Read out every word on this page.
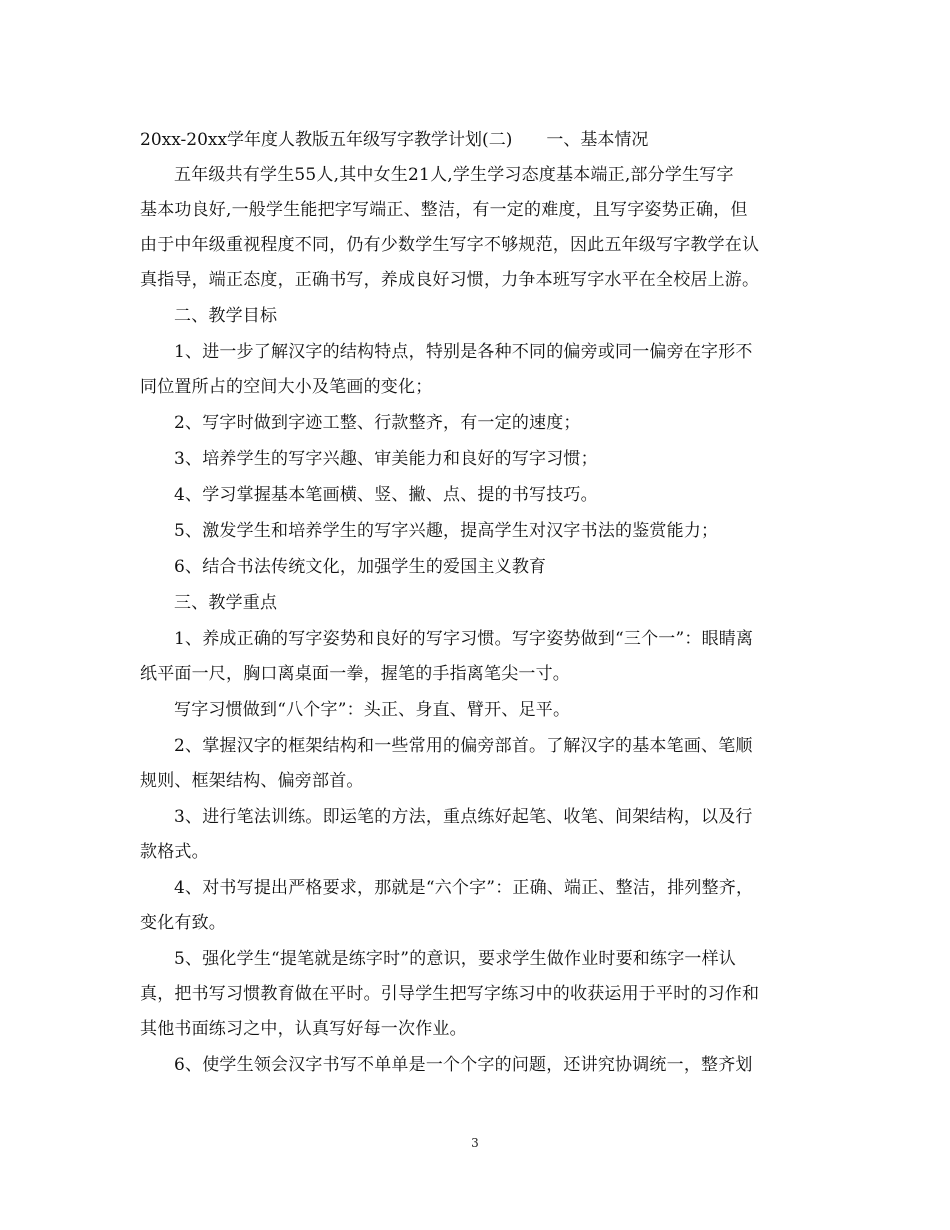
20xx-20xx学年度人教版五年级写字教学计划(二)　　一、基本情况

五年级共有学生55人,其中女生21人,学生学习态度基本端正,部分学生写字

基本功良好,一般学生能把字写端正、整洁，有一定的难度，且写字姿势正确，但

由于中年级重视程度不同，仍有少数学生写字不够规范，因此五年级写字教学在认

真指导，端正态度，正确书写，养成良好习惯，力争本班写字水平在全校居上游。

二、教学目标

1、进一步了解汉字的结构特点，特别是各种不同的偏旁或同一偏旁在字形不

同位置所占的空间大小及笔画的变化；

2、写字时做到字迹工整、行款整齐，有一定的速度；

3、培养学生的写字兴趣、审美能力和良好的写字习惯；

4、学习掌握基本笔画横、竖、撇、点、提的书写技巧。

5、激发学生和培养学生的写字兴趣，提高学生对汉字书法的鉴赏能力；

6、结合书法传统文化，加强学生的爱国主义教育

三、教学重点

1、养成正确的写字姿势和良好的写字习惯。写字姿势做到“三个一”：眼睛离

纸平面一尺，胸口离桌面一拳，握笔的手指离笔尖一寸。

写字习惯做到“八个字”：头正、身直、臂开、足平。

2、掌握汉字的框架结构和一些常用的偏旁部首。了解汉字的基本笔画、笔顺

规则、框架结构、偏旁部首。

3、进行笔法训练。即运笔的方法，重点练好起笔、收笔、间架结构，以及行

款格式。

4、对书写提出严格要求，那就是“六个字”：正确、端正、整洁，排列整齐，

变化有致。

5、强化学生“提笔就是练字时”的意识，要求学生做作业时要和练字一样认

真，把书写习惯教育做在平时。引导学生把写字练习中的收获运用于平时的习作和

其他书面练习之中，认真写好每一次作业。

6、使学生领会汉字书写不单单是一个个字的问题，还讲究协调统一，整齐划

3
